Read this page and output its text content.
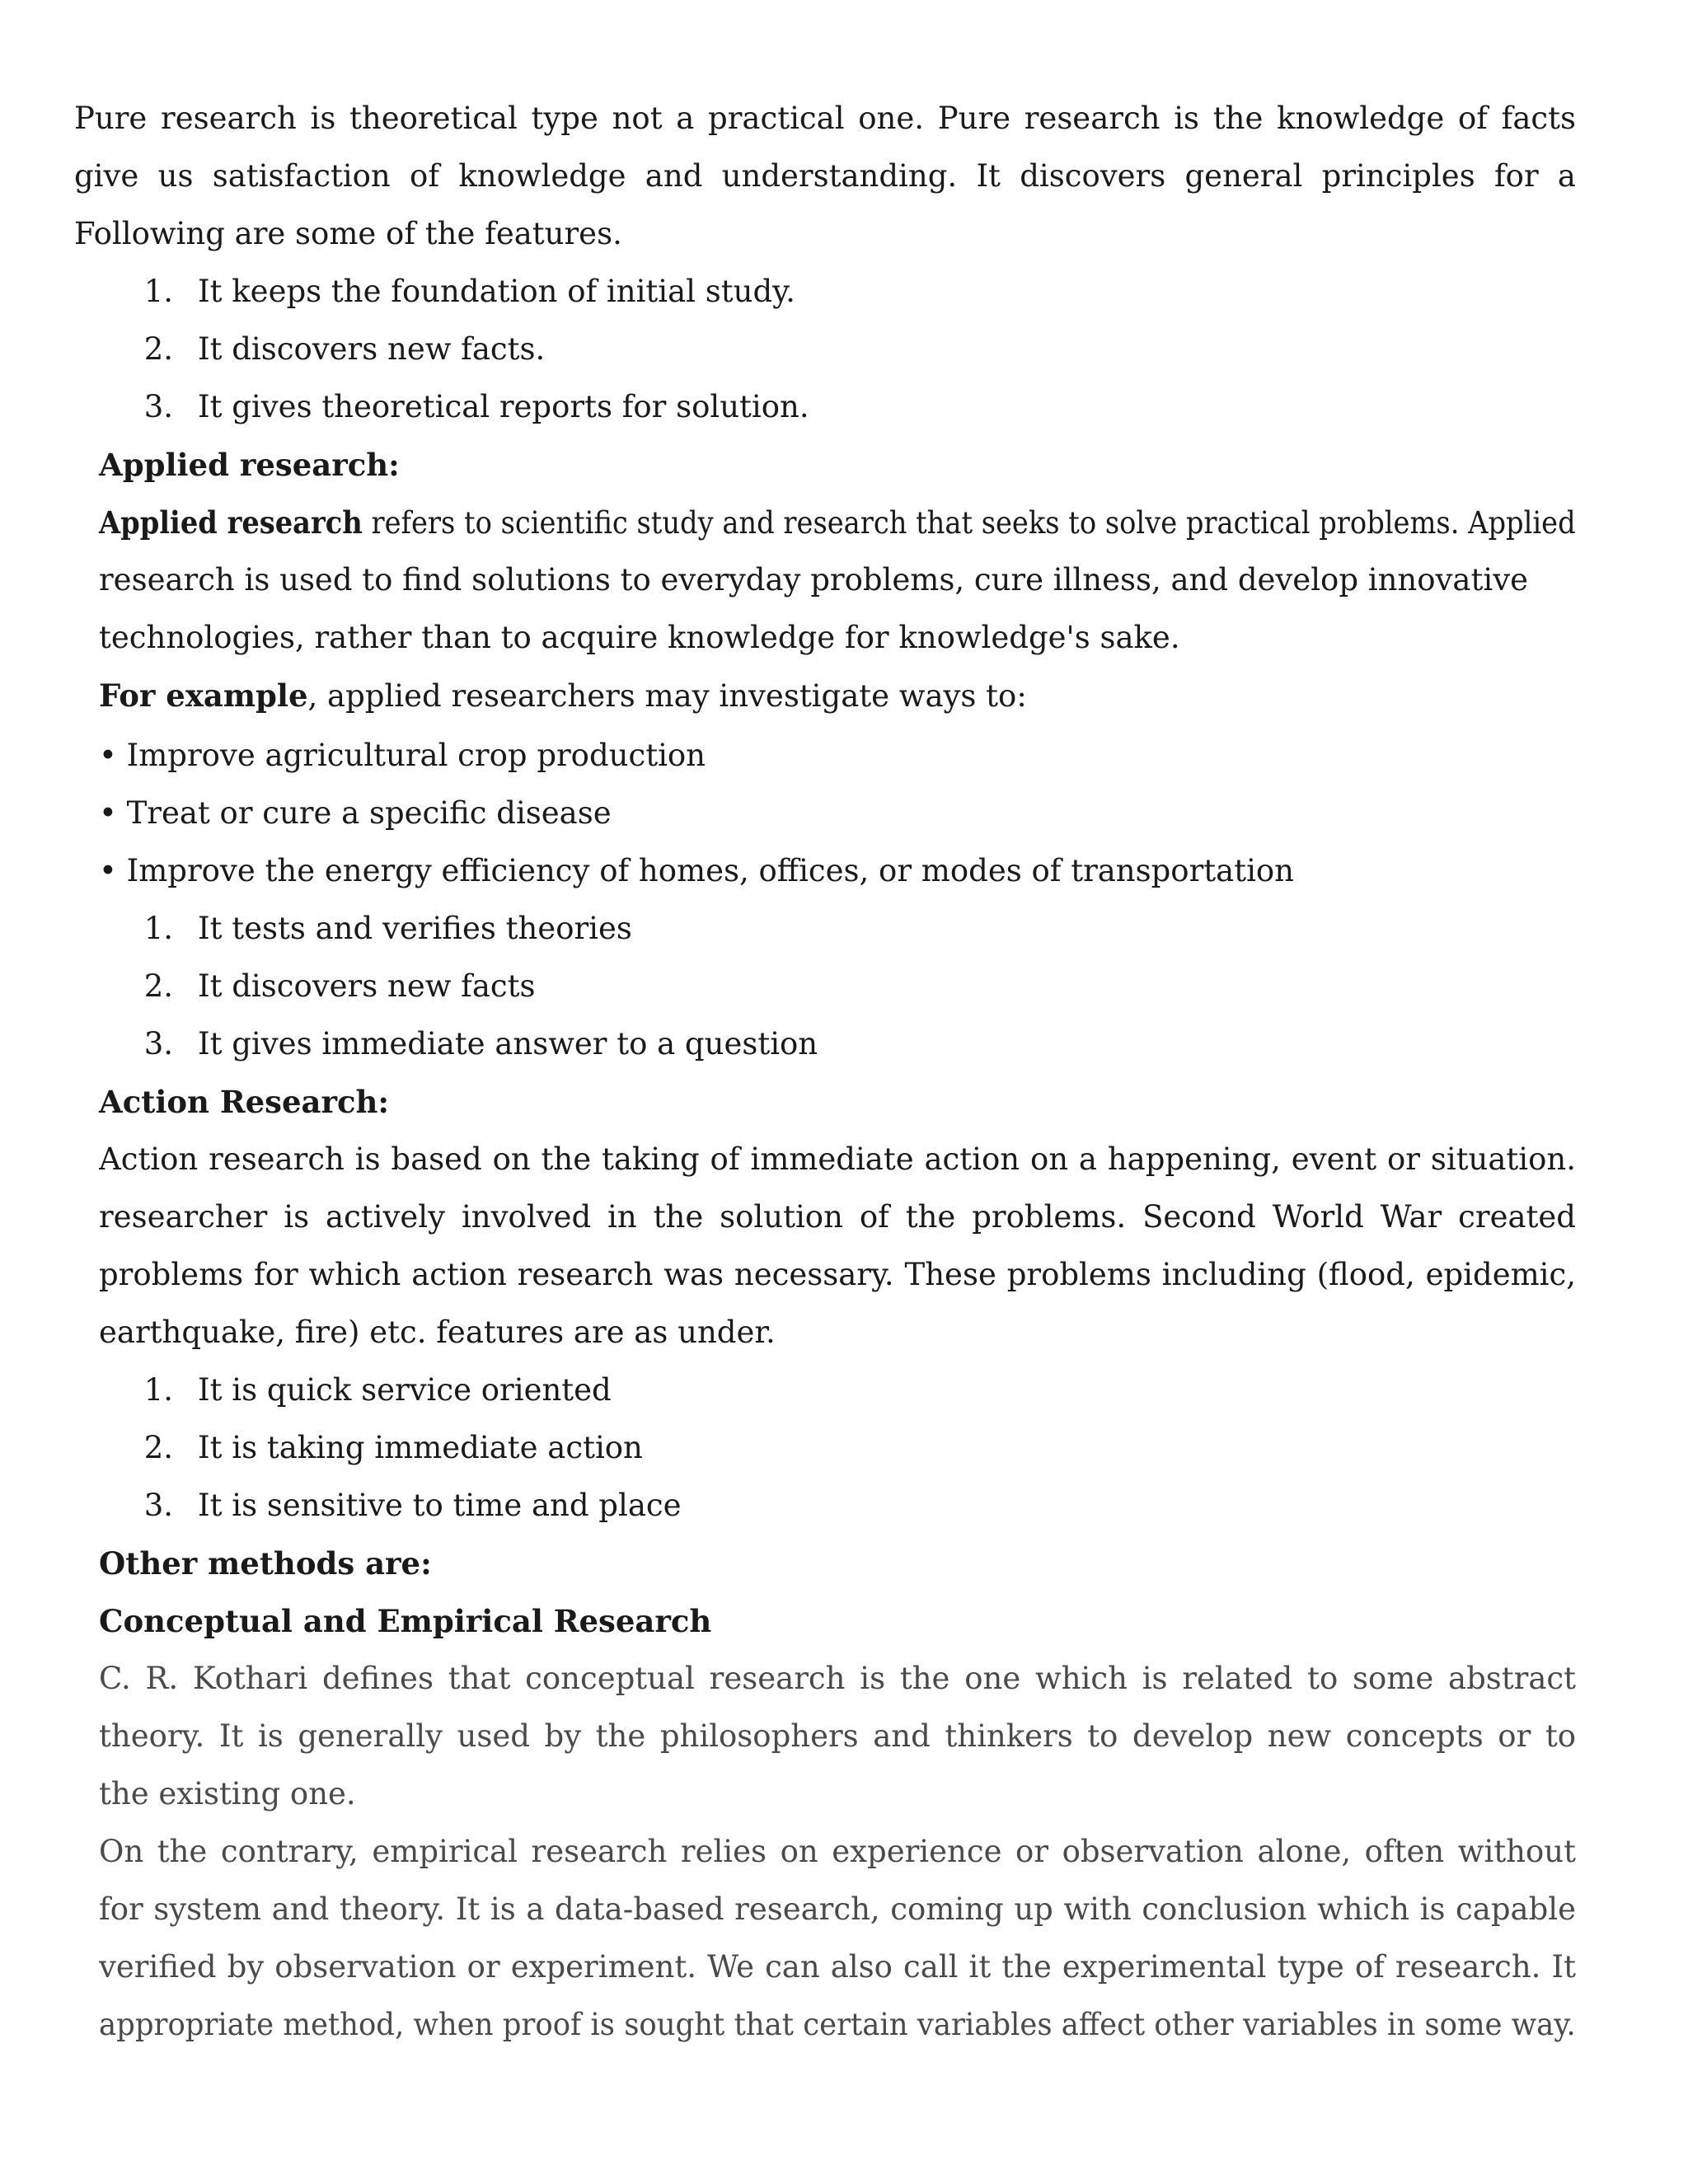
Pure research is theoretical type not a practical one. Pure research is the knowledge of facts
give us satisfaction of knowledge and understanding. It discovers general principles for a
Following are some of the features.
1. It keeps the foundation of initial study.
2. It discovers new facts.
3. It gives theoretical reports for solution.
Applied research:
Applied research refers to scientific study and research that seeks to solve practical problems. Applied
research is used to find solutions to everyday problems, cure illness, and develop innovative
technologies, rather than to acquire knowledge for knowledge's sake.
For example, applied researchers may investigate ways to:
• Improve agricultural crop production
• Treat or cure a specific disease
• Improve the energy efficiency of homes, offices, or modes of transportation
1. It tests and verifies theories
2. It discovers new facts
3. It gives immediate answer to a question
Action Research:
Action research is based on the taking of immediate action on a happening, event or situation.
researcher is actively involved in the solution of the problems. Second World War created
problems for which action research was necessary. These problems including (flood, epidemic,
earthquake, fire) etc. features are as under.
1. It is quick service oriented
2. It is taking immediate action
3. It is sensitive to time and place
Other methods are:
Conceptual and Empirical Research
C. R. Kothari defines that conceptual research is the one which is related to some abstract
theory. It is generally used by the philosophers and thinkers to develop new concepts or to
the existing one.
On the contrary, empirical research relies on experience or observation alone, often without
for system and theory. It is a data-based research, coming up with conclusion which is capable
verified by observation or experiment. We can also call it the experimental type of research. It
appropriate method, when proof is sought that certain variables affect other variables in some way.
